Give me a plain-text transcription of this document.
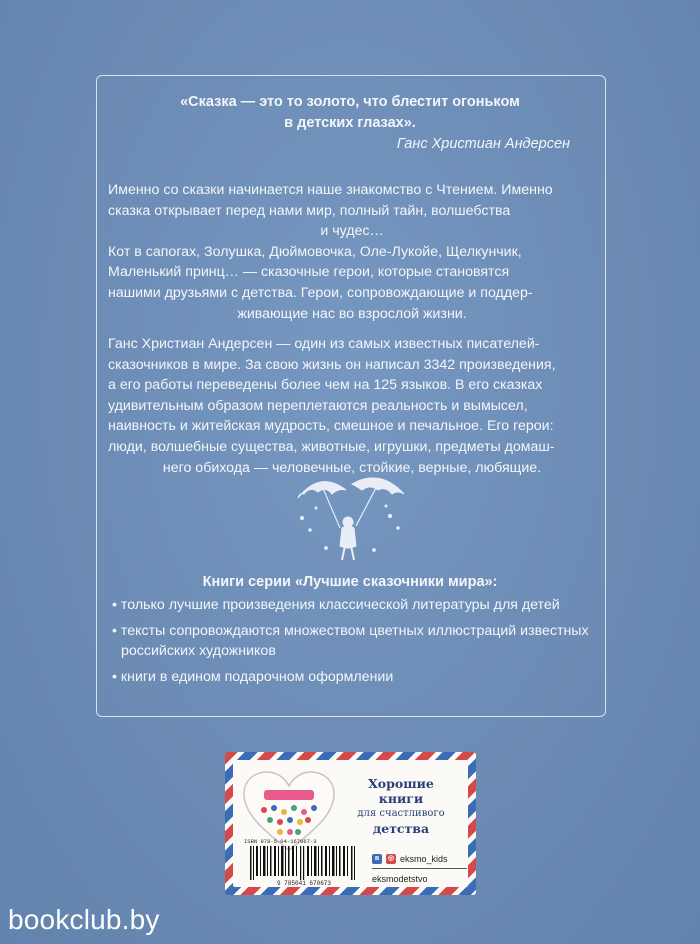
«Сказка — это то золото, что блестит огоньком
в детских глазах».
Ганс Христиан Андерсен

Именно со сказки начинается наше знакомство с Чтением. Именно

сказка открывает перед нами мир, полный тайн, волшебства

и чудес…

Кот в сапогах, Золушка, Дюймовочка, Оле-Лукойе, Щелкунчик,

Маленький принц… — сказочные герои, которые становятся

нашими друзьями с детства. Герои, сопровождающие и поддер-

живающие нас во взрослой жизни.

Ганс Христиан Андерсен — один из самых известных писателей-

сказочников в мире. За свою жизнь он написал 3342 произведения,

а его работы переведены более чем на 125 языков. В его сказках

удивительным образом переплетаются реальность и вымысел,

наивность и житейская мудрость, смешное и печальное. Его герои:

люди, волшебные существа, животные, игрушки, предметы домаш-

него обихода — человечные, стойкие, верные, любящие.

Книги серии «Лучшие сказочники мира»:
• только лучшие произведения классической литературы для детей
• тексты сопровождаются множеством цветных иллюстраций известных российских художников
• книги в едином подарочном оформлении
Хорошие
книги
для счастливого
детства
ISBN 978-5-04-167067-3
9 785041 670673
в	◎ eksmo_kids
eksmodetstvo
bookclub.by
